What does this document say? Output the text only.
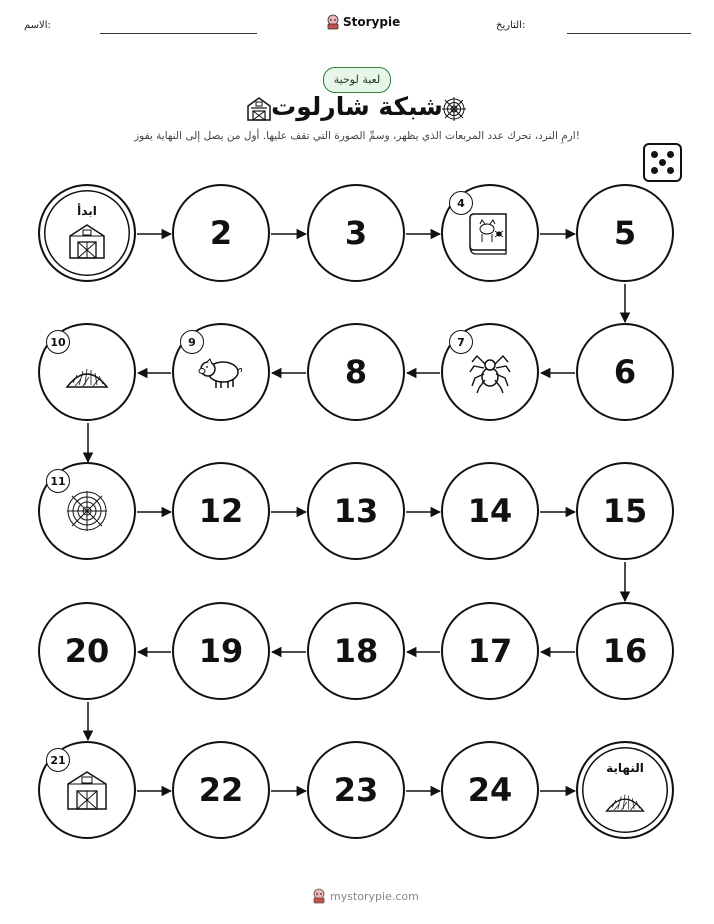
الاسم:	Storypie	التاريخ:
لعبة لوحية
شبكة شارلوت
ارمِ النرد، تحرك عدد المربعات الذي يظهر، وسمِّ الصورة التي تقف عليها. أول من يصل إلى النهاية يفوز!
ابدأ
2	3
4
5
10	9
8
7
6
11
12	13	14	15
20	19	18	17	16
21
22	23	24
النهاية
mystorypie.com
